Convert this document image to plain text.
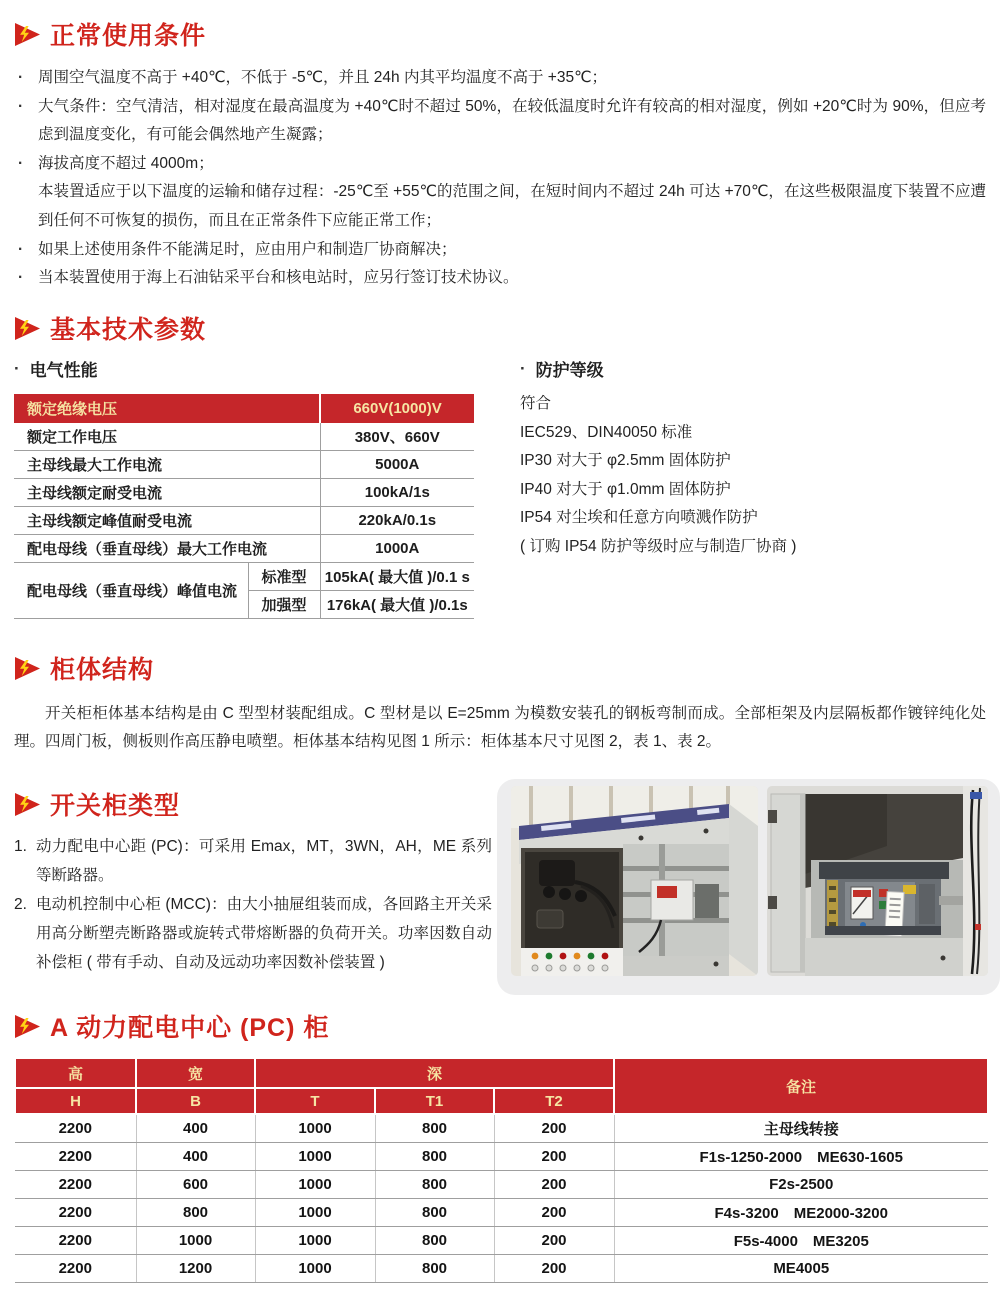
正常使用条件
· 周围空气温度不高于 +40℃，不低于 -5℃，并且 24h 内其平均温度不高于 +35℃；
· 大气条件：空气清洁，相对湿度在最高温度为 +40℃时不超过 50%，在较低温度时允许有较高的相对湿度，例如 +20℃时为 90%，但应考虑到温度变化，有可能会偶然地产生凝露；
· 海拔高度不超过 4000m；
本装置适应于以下温度的运输和储存过程：-25℃至 +55℃的范围之间，在短时间内不超过 24h 可达 +70℃，在这些极限温度下装置不应遭到任何不可恢复的损伤，而且在正常条件下应能正常工作；
· 如果上述使用条件不能满足时，应由用户和制造厂协商解决；
· 当本装置使用于海上石油钻采平台和核电站时，应另行签订技术协议。
基本技术参数
· 电气性能
额定绝缘电压		660V(1000)V
额定工作电压		380V、660V
主母线最大工作电流		5000A
主母线额定耐受电流		100kA/1s
主母线额定峰值耐受电流		220kA/0.1s
配电母线（垂直母线）最大工作电流		1000A
配电母线（垂直母线）峰值电流	标准型	105kA( 最大值 )/0.1 s
	加强型	176kA( 最大值 )/0.1s
· 防护等级
符合
IEC529、DIN40050 标准
IP30 对大于 φ2.5mm 固体防护
IP40 对大于 φ1.0mm 固体防护
IP54 对尘埃和任意方向喷溅作防护
( 订购 IP54 防护等级时应与制造厂协商 )
柜体结构

开关柜柜体基本结构是由 C 型型材装配组成。C 型材是以 E=25mm 为模数安装孔的钢板弯制而成。全部柜架及内层隔板都作镀锌纯化处理。四周门板，侧板则作高压静电喷塑。柜体基本结构见图 1 所示：柜体基本尺寸见图 2，表 1、表 2。

开关柜类型
1. 动力配电中心距 (PC)：可采用 Emax，MT，3WN，AH，ME 系列等断路器。
2. 电动机控制中心柜 (MCC)：由大小抽屉组装而成，各回路主开关采用高分断塑壳断路器或旋转式带熔断器的负荷开关。功率因数自动补偿柜 ( 带有手动、自动及远动功率因数补偿装置 )
A 动力配电中心 (PC) 柜
高	宽	深			备注
H	B	T	T1	T2	
2200	400	1000	800	200	主母线转接
2200	400	1000	800	200	F1s-1250-2000　ME630-1605
2200	600	1000	800	200	F2s-2500
2200	800	1000	800	200	F4s-3200　ME2000-3200
2200	1000	1000	800	200	F5s-4000　ME3205
2200	1200	1000	800	200	ME4005
